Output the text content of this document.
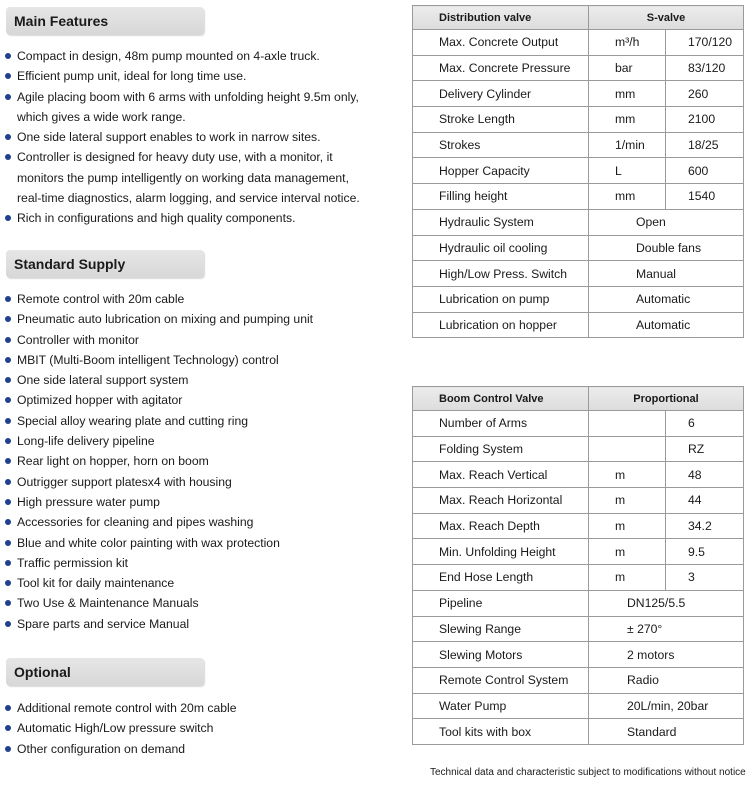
Main Features
Compact in design, 48m pump mounted on 4-axle truck.
Efficient pump unit, ideal for long time use.
Agile placing boom with 6 arms with unfolding height 9.5m only,
which gives a wide work range.
One side lateral support enables to work in narrow sites.
Controller is designed for heavy duty use, with a monitor, it
monitors the pump intelligently on working data management,
real-time diagnostics, alarm logging, and service interval notice.
Rich in configurations and high quality components.
Standard Supply
Remote control with 20m cable
Pneumatic auto lubrication on mixing and pumping unit
Controller with monitor
MBIT (Multi-Boom intelligent Technology) control
One side lateral support system
Optimized hopper with agitator
Special alloy wearing plate and cutting ring
Long-life delivery pipeline
Rear light on hopper, horn on boom
Outrigger support platesx4 with housing
High pressure water pump
Accessories for cleaning and pipes washing
Blue and white color painting with wax protection
Traffic permission kit
Tool kit for daily maintenance
Two Use & Maintenance Manuals
Spare parts and service Manual
Optional
Additional remote control with 20m cable
Automatic High/Low pressure switch
Other configuration on demand
Distribution valve	S-valve	
Max. Concrete Output	m³/h	170/120
Max. Concrete Pressure	bar	83/120
Delivery Cylinder	mm	260
Stroke Length	mm	2100
Strokes	1/min	18/25
Hopper Capacity	L	600
Filling height	mm	1540
Hydraulic System	Open	
Hydraulic oil cooling	Double fans	
High/Low Press. Switch	Manual	
Lubrication on pump	Automatic	
Lubrication on hopper	Automatic	
Boom Control Valve	Proportional	
Number of Arms		6
Folding System		RZ
Max. Reach Vertical	m	48
Max. Reach Horizontal	m	44
Max. Reach Depth	m	34.2
Min. Unfolding Height	m	9.5
End Hose Length	m	3
Pipeline	DN125/5.5	
Slewing Range	± 270°	
Slewing Motors	2 motors	
Remote Control System	Radio	
Water Pump	20L/min, 20bar	
Tool kits with box	Standard	
Technical data and characteristic subject to modifications without notice
